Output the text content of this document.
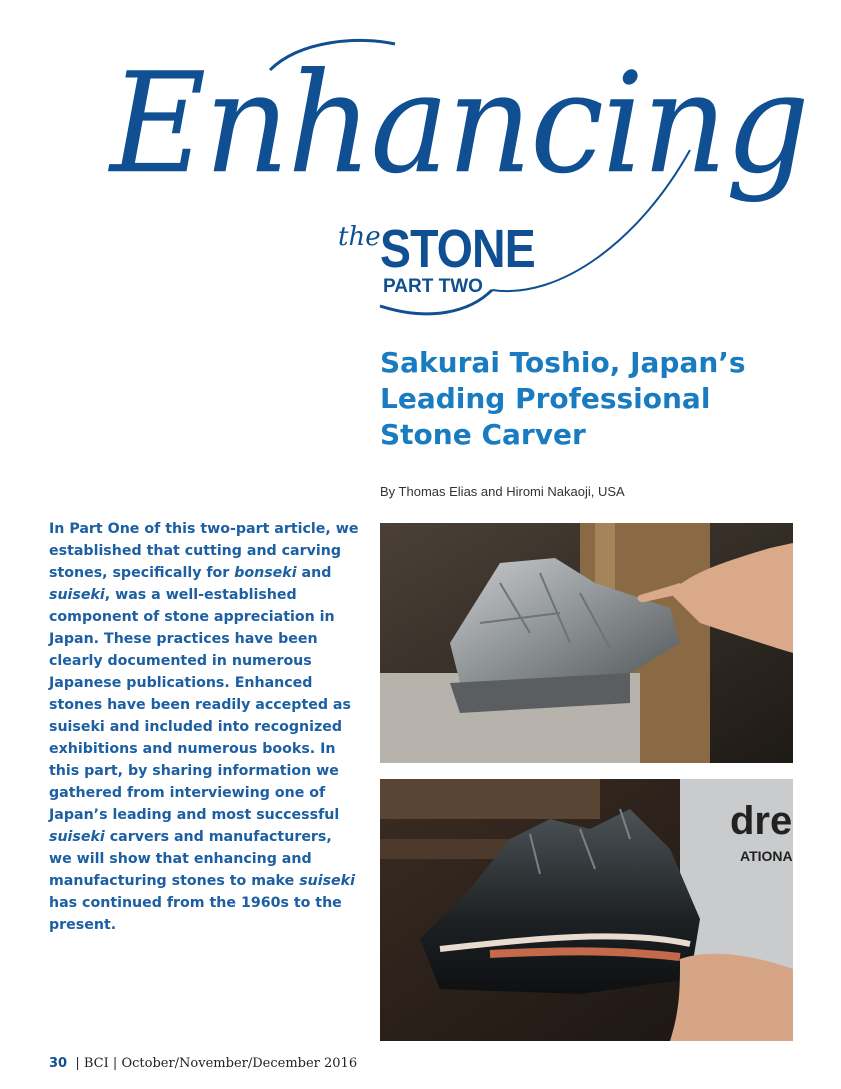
Enhancing
the STONE
PART TWO
Sakurai Toshio, Japan’s Leading Professional Stone Carver
By Thomas Elias and Hiromi Nakaoji, USA

In Part One of this two-part article, we established that cutting and carving stones, specifically for bonseki and suiseki, was a well-established component of stone appreciation in Japan. These practices have been clearly documented in numerous Japanese publications. Enhanced stones have been readily accepted as suiseki and included into recognized exhibitions and numerous books. In this part, by sharing information we gathered from interviewing one of Japan’s leading and most successful suiseki carvers and manufacturers, we will show that enhancing and manufacturing stones to make suiseki has continued from the 1960s to the present.

dre
ATIONA
30  | BCI | October/November/December 2016
